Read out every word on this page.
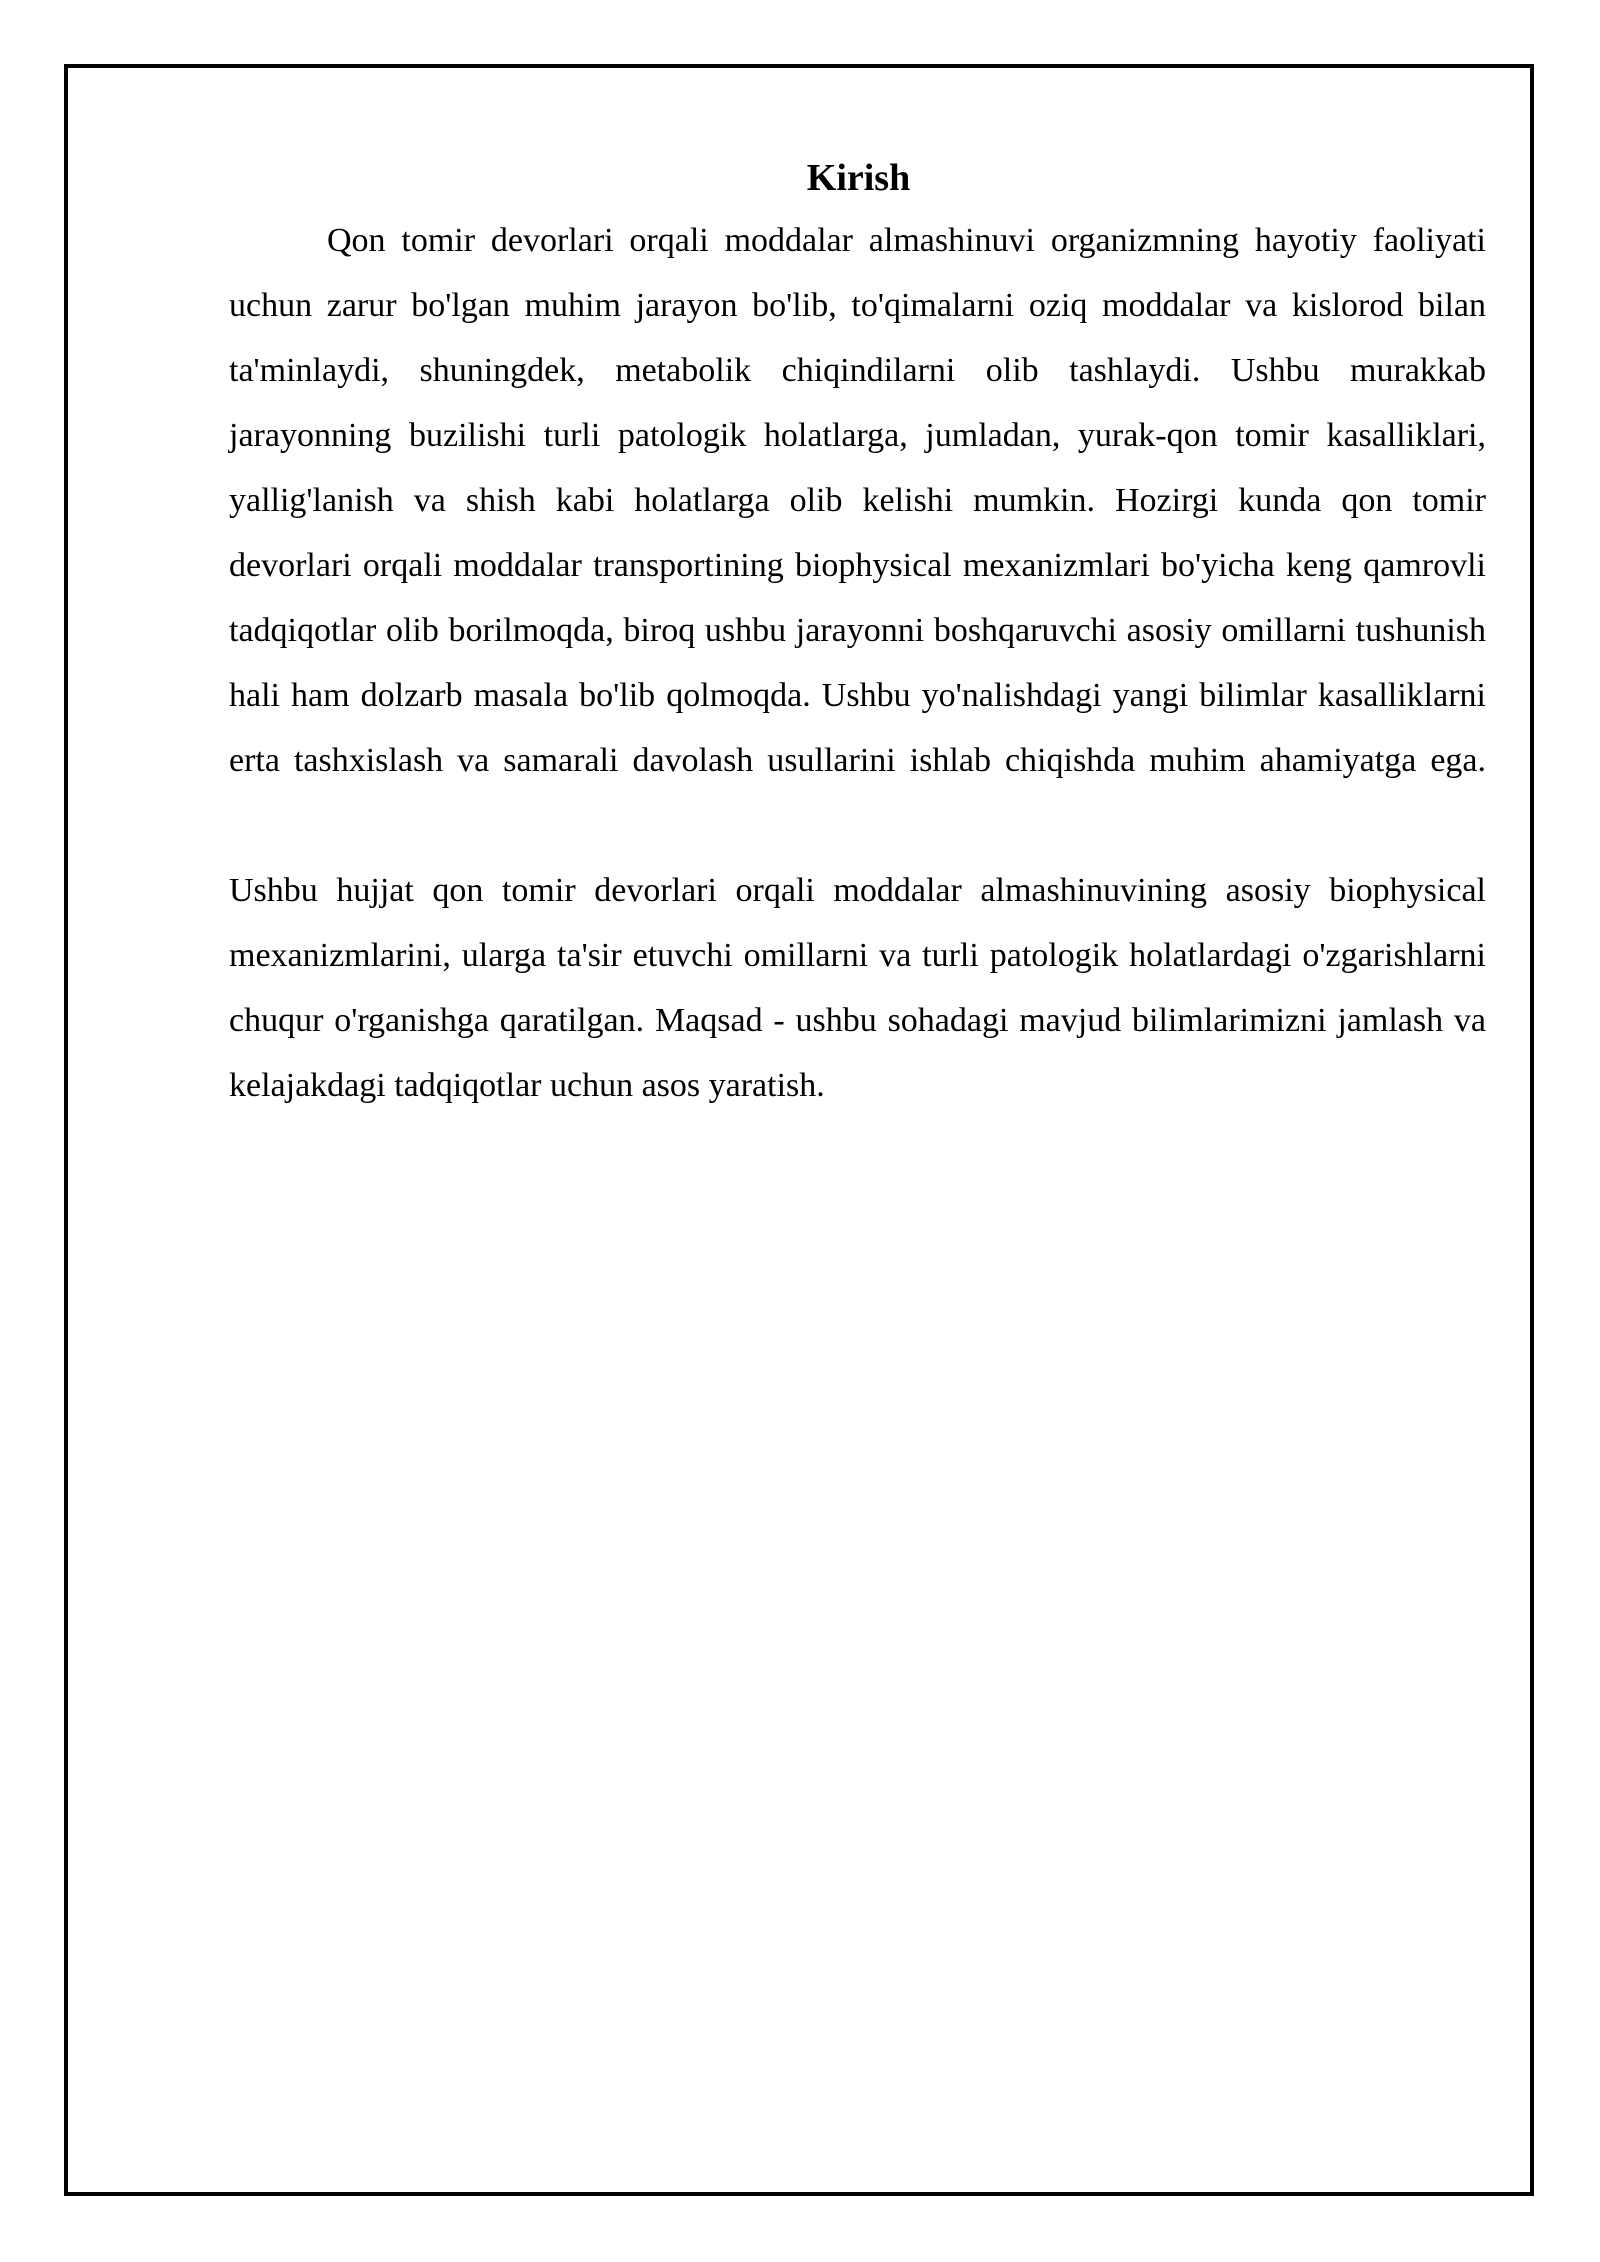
Kirish

Qon tomir devorlari orqali moddalar almashinuvi organizmning hayotiy faoliyati uchun zarur bo'lgan muhim jarayon bo'lib, to'qimalarni oziq moddalar va kislorod bilan ta'minlaydi, shuningdek, metabolik chiqindilarni olib tashlaydi. Ushbu murakkab jarayonning buzilishi turli patologik holatlarga, jumladan, yurak-qon tomir kasalliklari, yallig'lanish va shish kabi holatlarga olib kelishi mumkin. Hozirgi kunda qon tomir devorlari orqali moddalar transportining biophysical mexanizmlari bo'yicha keng qamrovli tadqiqotlar olib borilmoqda, biroq ushbu jarayonni boshqaruvchi asosiy omillarni tushunish hali ham dolzarb masala bo'lib qolmoqda. Ushbu yo'nalishdagi yangi bilimlar kasalliklarni erta tashxislash va samarali davolash usullarini ishlab chiqishda muhim ahamiyatga ega.

Ushbu hujjat qon tomir devorlari orqali moddalar almashinuvining asosiy biophysical mexanizmlarini, ularga ta'sir etuvchi omillarni va turli patologik holatlardagi o'zgarishlarni chuqur o'rganishga qaratilgan. Maqsad - ushbu sohadagi mavjud bilimlarimizni jamlash va kelajakdagi tadqiqotlar uchun asos yaratish.
